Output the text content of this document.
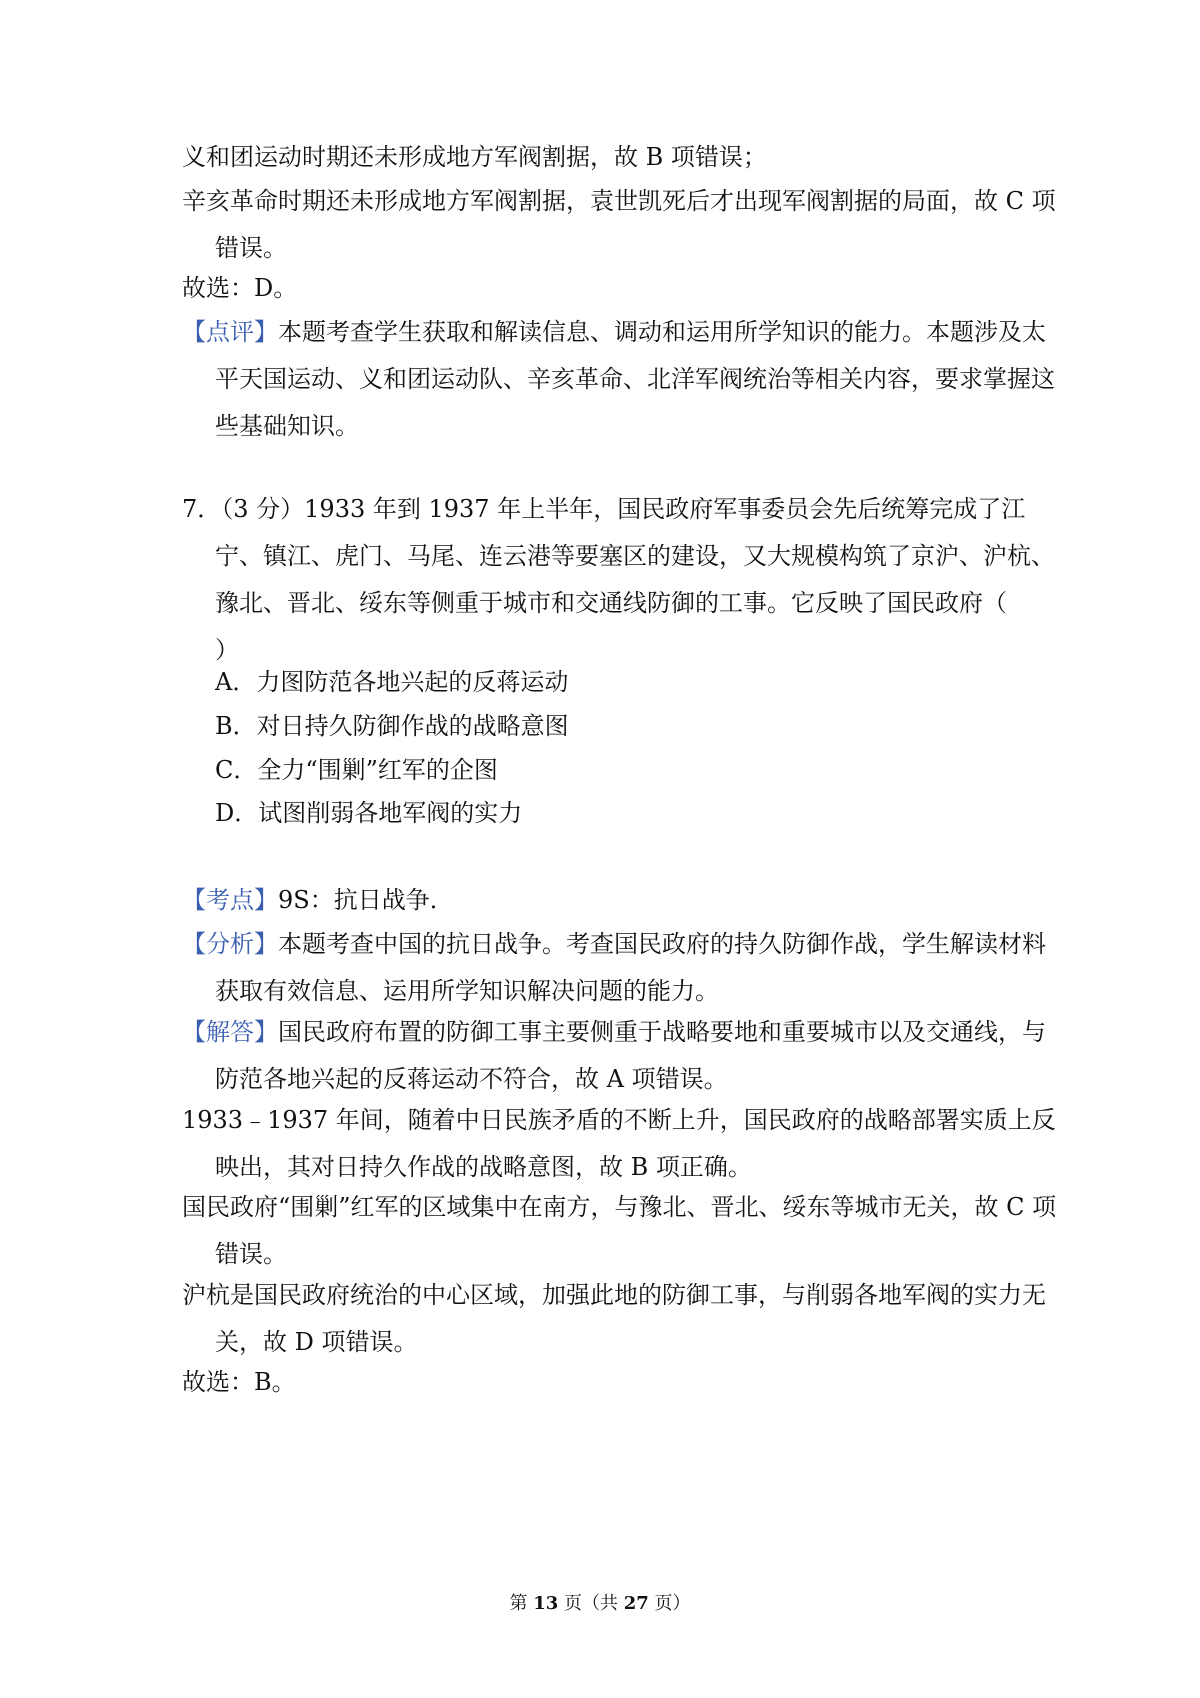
义和团运动时期还未形成地方军阀割据，故 B 项错误；

辛亥革命时期还未形成地方军阀割据，袁世凯死后才出现军阀割据的局面，故 C 项错误。

故选：D。

【点评】本题考查学生获取和解读信息、调动和运用所学知识的能力。本题涉及太平天国运动、义和团运动队、辛亥革命、北洋军阀统治等相关内容，要求掌握这些基础知识。

7．（3 分）1933 年到 1937 年上半年，国民政府军事委员会先后统筹完成了江宁、镇江、虎门、马尾、连云港等要塞区的建设，又大规模构筑了京沪、沪杭、豫北、晋北、绥东等侧重于城市和交通线防御的工事。它反映了国民政府（　　）

A．力图防范各地兴起的反蒋运动

B．对日持久防御作战的战略意图

C．全力“围剿”红军的企图

D．试图削弱各地军阀的实力

【考点】9S：抗日战争．

【分析】本题考查中国的抗日战争。考查国民政府的持久防御作战，学生解读材料获取有效信息、运用所学知识解决问题的能力。

【解答】国民政府布置的防御工事主要侧重于战略要地和重要城市以及交通线，与防范各地兴起的反蒋运动不符合，故 A 项错误。

1933﹣1937 年间，随着中日民族矛盾的不断上升，国民政府的战略部署实质上反映出，其对日持久作战的战略意图，故 B 项正确。

国民政府“围剿”红军的区域集中在南方，与豫北、晋北、绥东等城市无关，故 C 项错误。

沪杭是国民政府统治的中心区域，加强此地的防御工事，与削弱各地军阀的实力无关，故 D 项错误。

故选：B。

第 13 页（共 27 页）
